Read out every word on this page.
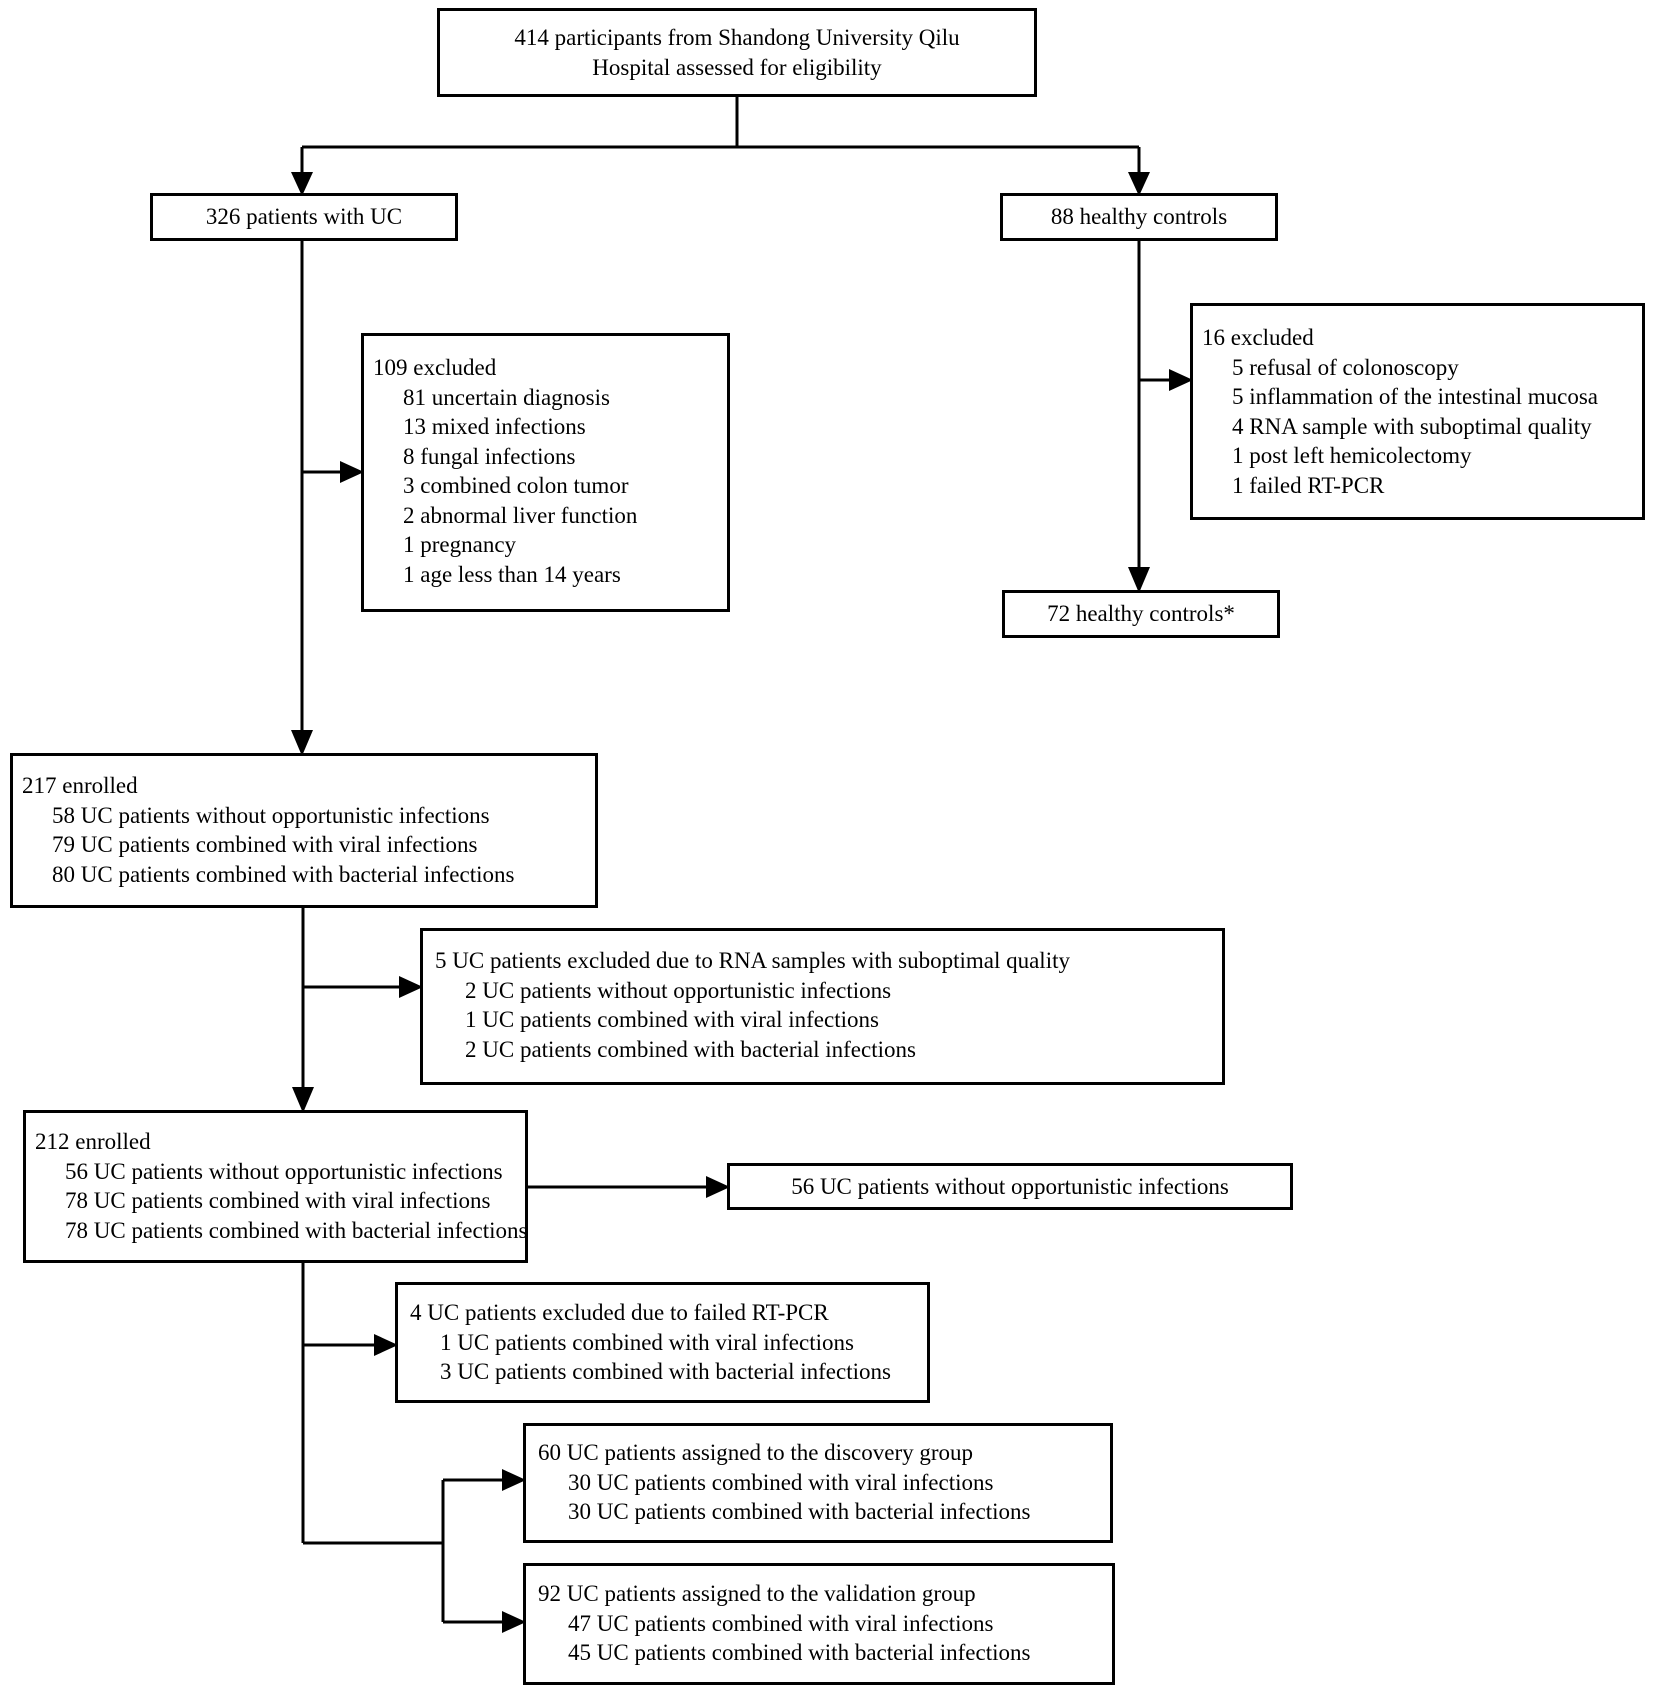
414 participants from Shandong University Qilu
Hospital assessed for eligibility
326 patients with UC	88 healthy controls
109 excluded
81 uncertain diagnosis
13 mixed infections
8 fungal infections
3 combined colon tumor
2 abnormal liver function
1 pregnancy
1 age less than 14 years
16 excluded
5 refusal of colonoscopy
5 inflammation of the intestinal mucosa
4 RNA sample with suboptimal quality
1 post left hemicolectomy
1 failed RT-PCR
72 healthy controls*
217 enrolled
58 UC patients without opportunistic infections
79 UC patients combined with viral infections
80 UC patients combined with bacterial infections
5 UC patients excluded due to RNA samples with suboptimal quality
2 UC patients without opportunistic infections
1 UC patients combined with viral infections
2 UC patients combined with bacterial infections
212 enrolled
56 UC patients without opportunistic infections
78 UC patients combined with viral infections
78 UC patients combined with bacterial infections
56 UC patients without opportunistic infections
4 UC patients excluded due to failed RT-PCR
1 UC patients combined with viral infections
3 UC patients combined with bacterial infections
60 UC patients assigned to the discovery group
30 UC patients combined with viral infections
30 UC patients combined with bacterial infections
92 UC patients assigned to the validation group
47 UC patients combined with viral infections
45 UC patients combined with bacterial infections
